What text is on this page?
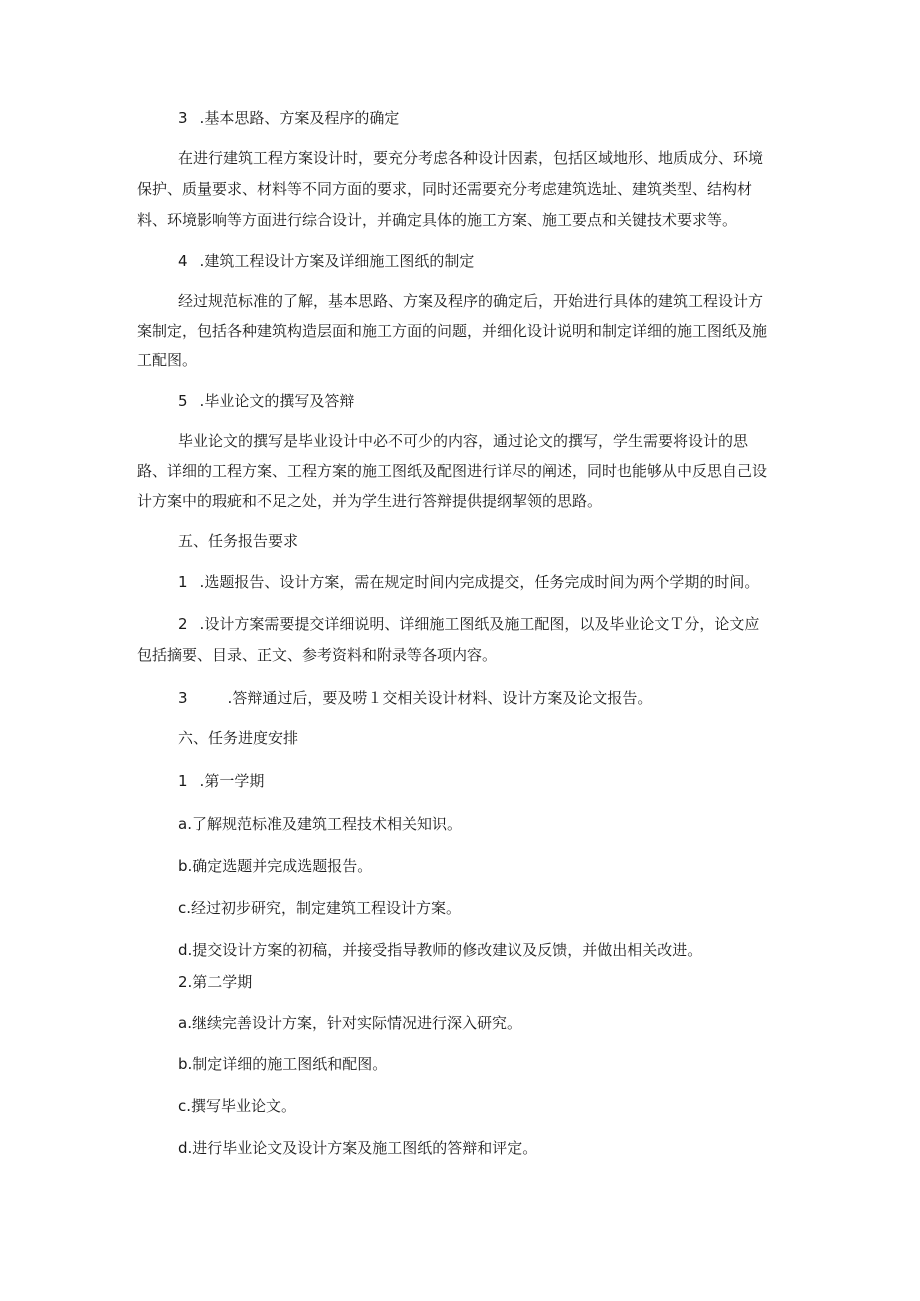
3 .基本思路、方案及程序的确定
在进行建筑工程方案设计时，要充分考虑各种设计因素，包括区域地形、地质成分、环境
保护、质量要求、材料等不同方面的要求，同时还需要充分考虑建筑选址、建筑类型、结构材
料、环境影响等方面进行综合设计，并确定具体的施工方案、施工要点和关键技术要求等。
4 .建筑工程设计方案及详细施工图纸的制定
经过规范标准的了解，基本思路、方案及程序的确定后，开始进行具体的建筑工程设计方
案制定，包括各种建筑构造层面和施工方面的问题，并细化设计说明和制定详细的施工图纸及施
工配图。
5 .毕业论文的撰写及答辩
毕业论文的撰写是毕业设计中必不可少的内容，通过论文的撰写，学生需要将设计的思
路、详细的工程方案、工程方案的施工图纸及配图进行详尽的阐述，同时也能够从中反思自己设
计方案中的瑕疵和不足之处，并为学生进行答辩提供提纲挈领的思路。
五、任务报告要求
1 .选题报告、设计方案，需在规定时间内完成提交，任务完成时间为两个学期的时间。
2 .设计方案需要提交详细说明、详细施工图纸及施工配图，以及毕业论文Ｔ分，论文应
包括摘要、目录、正文、参考资料和附录等各项内容。
3	.答辩通过后，要及唠１交相关设计材料、设计方案及论文报告。
六、任务进度安排
1 .第一学期
a.了解规范标准及建筑工程技术相关知识。
b.确定选题并完成选题报告。
c.经过初步研究，制定建筑工程设计方案。
d.提交设计方案的初稿，并接受指导教师的修改建议及反馈，并做出相关改进。
2.第二学期
a.继续完善设计方案，针对实际情况进行深入研究。
b.制定详细的施工图纸和配图。
c.撰写毕业论文。
d.进行毕业论文及设计方案及施工图纸的答辩和评定。
